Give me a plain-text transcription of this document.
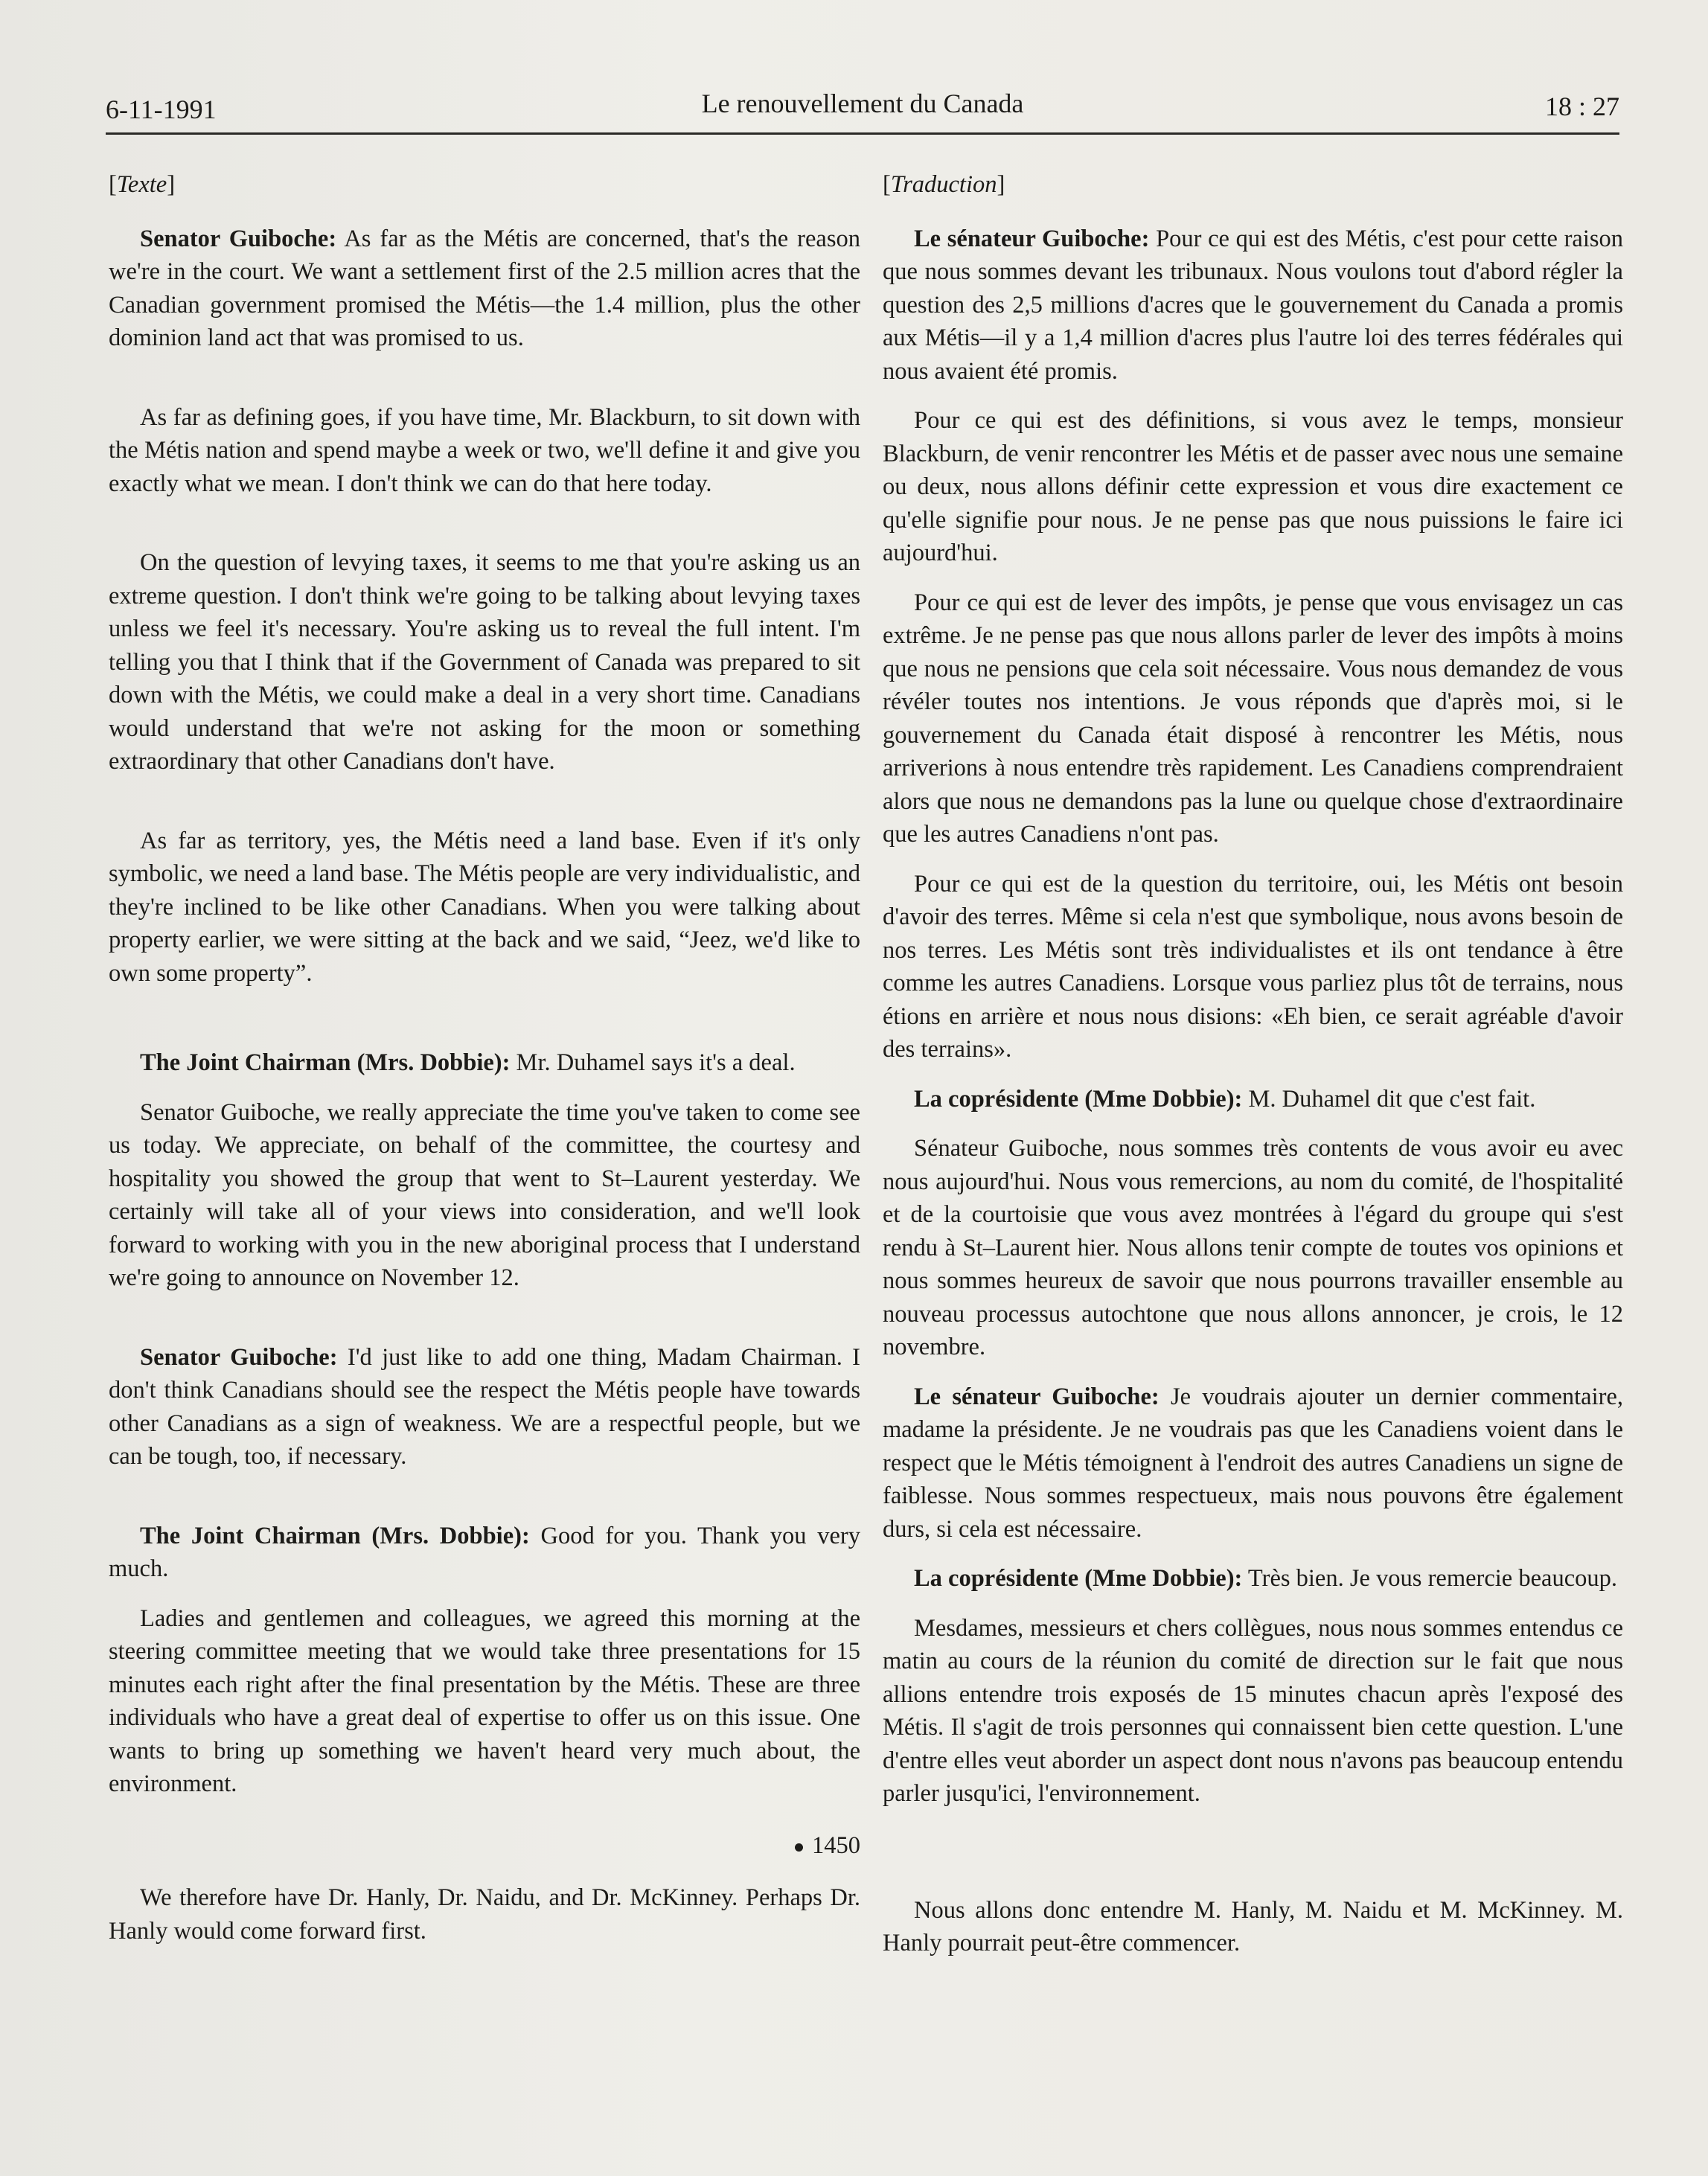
6-11-1991	Le renouvellement du Canada	18 : 27

[Texte]

Senator Guiboche: As far as the Métis are concerned, that's the reason we're in the court. We want a settlement first of the 2.5 million acres that the Canadian government promised the Métis—the 1.4 million, plus the other dominion land act that was promised to us.

As far as defining goes, if you have time, Mr. Blackburn, to sit down with the Métis nation and spend maybe a week or two, we'll define it and give you exactly what we mean. I don't think we can do that here today.

On the question of levying taxes, it seems to me that you're asking us an extreme question. I don't think we're going to be talking about levying taxes unless we feel it's necessary. You're asking us to reveal the full intent. I'm telling you that I think that if the Government of Canada was prepared to sit down with the Métis, we could make a deal in a very short time. Canadians would understand that we're not asking for the moon or something extraordinary that other Canadians don't have.

As far as territory, yes, the Métis need a land base. Even if it's only symbolic, we need a land base. The Métis people are very individualistic, and they're inclined to be like other Canadians. When you were talking about property earlier, we were sitting at the back and we said, “Jeez, we'd like to own some property”.

The Joint Chairman (Mrs. Dobbie): Mr. Duhamel says it's a deal.

Senator Guiboche, we really appreciate the time you've taken to come see us today. We appreciate, on behalf of the committee, the courtesy and hospitality you showed the group that went to St–Laurent yesterday. We certainly will take all of your views into consideration, and we'll look forward to working with you in the new aboriginal process that I understand we're going to announce on November 12.

Senator Guiboche: I'd just like to add one thing, Madam Chairman. I don't think Canadians should see the respect the Métis people have towards other Canadians as a sign of weakness. We are a respectful people, but we can be tough, too, if necessary.

The Joint Chairman (Mrs. Dobbie): Good for you. Thank you very much.

Ladies and gentlemen and colleagues, we agreed this morning at the steering committee meeting that we would take three presentations for 15 minutes each right after the final presentation by the Métis. These are three individuals who have a great deal of expertise to offer us on this issue. One wants to bring up something we haven't heard very much about, the environment.

1450

We therefore have Dr. Hanly, Dr. Naidu, and Dr. McKinney. Perhaps Dr. Hanly would come forward first.

[Traduction]

Le sénateur Guiboche: Pour ce qui est des Métis, c'est pour cette raison que nous sommes devant les tribunaux. Nous voulons tout d'abord régler la question des 2,5 millions d'acres que le gouvernement du Canada a promis aux Métis—il y a 1,4 million d'acres plus l'autre loi des terres fédérales qui nous avaient été promis.

Pour ce qui est des définitions, si vous avez le temps, monsieur Blackburn, de venir rencontrer les Métis et de passer avec nous une semaine ou deux, nous allons définir cette expression et vous dire exactement ce qu'elle signifie pour nous. Je ne pense pas que nous puissions le faire ici aujourd'hui.

Pour ce qui est de lever des impôts, je pense que vous envisagez un cas extrême. Je ne pense pas que nous allons parler de lever des impôts à moins que nous ne pensions que cela soit nécessaire. Vous nous demandez de vous révéler toutes nos intentions. Je vous réponds que d'après moi, si le gouvernement du Canada était disposé à rencontrer les Métis, nous arriverions à nous entendre très rapidement. Les Canadiens comprendraient alors que nous ne demandons pas la lune ou quelque chose d'extraordinaire que les autres Canadiens n'ont pas.

Pour ce qui est de la question du territoire, oui, les Métis ont besoin d'avoir des terres. Même si cela n'est que symbolique, nous avons besoin de nos terres. Les Métis sont très individualistes et ils ont tendance à être comme les autres Canadiens. Lorsque vous parliez plus tôt de terrains, nous étions en arrière et nous nous disions: «Eh bien, ce serait agréable d'avoir des terrains».

La coprésidente (Mme Dobbie): M. Duhamel dit que c'est fait.

Sénateur Guiboche, nous sommes très contents de vous avoir eu avec nous aujourd'hui. Nous vous remercions, au nom du comité, de l'hospitalité et de la courtoisie que vous avez montrées à l'égard du groupe qui s'est rendu à St–Laurent hier. Nous allons tenir compte de toutes vos opinions et nous sommes heureux de savoir que nous pourrons travailler ensemble au nouveau processus autochtone que nous allons annoncer, je crois, le 12 novembre.

Le sénateur Guiboche: Je voudrais ajouter un dernier commentaire, madame la présidente. Je ne voudrais pas que les Canadiens voient dans le respect que le Métis témoignent à l'endroit des autres Canadiens un signe de faiblesse. Nous sommes respectueux, mais nous pouvons être également durs, si cela est nécessaire.

La coprésidente (Mme Dobbie): Très bien. Je vous remercie beaucoup.

Mesdames, messieurs et chers collègues, nous nous sommes entendus ce matin au cours de la réunion du comité de direction sur le fait que nous allions entendre trois exposés de 15 minutes chacun après l'exposé des Métis. Il s'agit de trois personnes qui connaissent bien cette question. L'une d'entre elles veut aborder un aspect dont nous n'avons pas beaucoup entendu parler jusqu'ici, l'environnement.

Nous allons donc entendre M. Hanly, M. Naidu et M. McKinney. M. Hanly pourrait peut-être commencer.
